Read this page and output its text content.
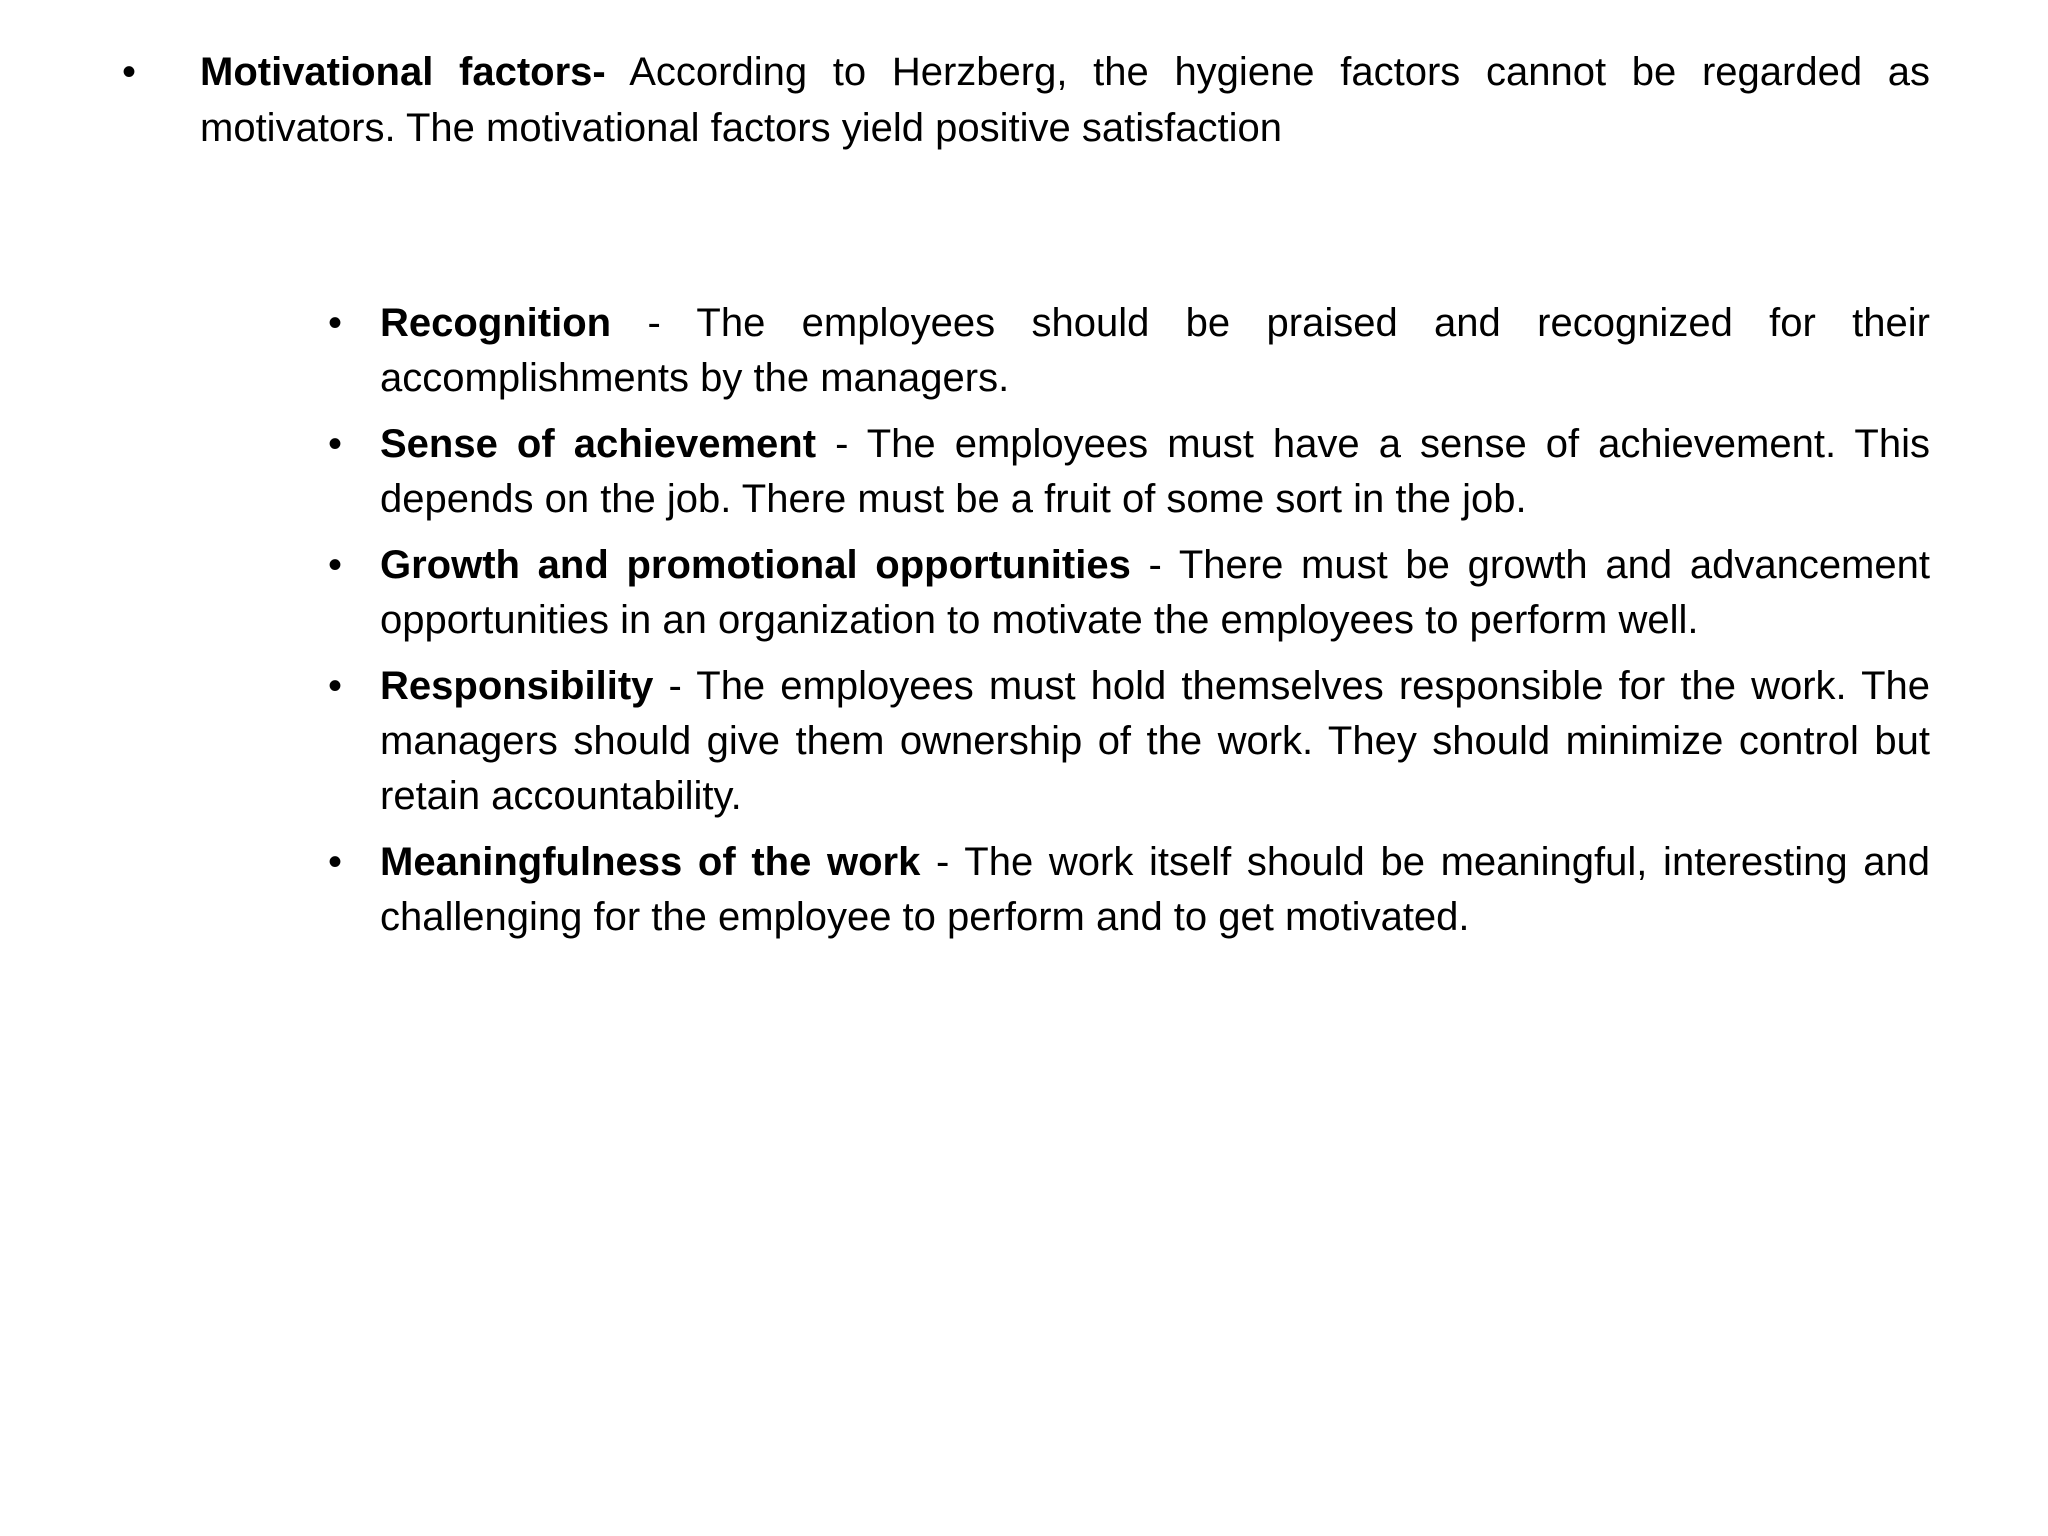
• Motivational factors- According to Herzberg, the hygiene factors cannot be regarded as motivators. The motivational factors yield positive satisfaction
• Recognition - The employees should be praised and recognized for their accomplishments by the managers.
• Sense of achievement - The employees must have a sense of achievement. This depends on the job. There must be a fruit of some sort in the job.
• Growth and promotional opportunities - There must be growth and advancement opportunities in an organization to motivate the employees to perform well.
• Responsibility - The employees must hold themselves responsible for the work. The managers should give them ownership of the work. They should minimize control but retain accountability.
• Meaningfulness of the work - The work itself should be meaningful, interesting and challenging for the employee to perform and to get motivated.
